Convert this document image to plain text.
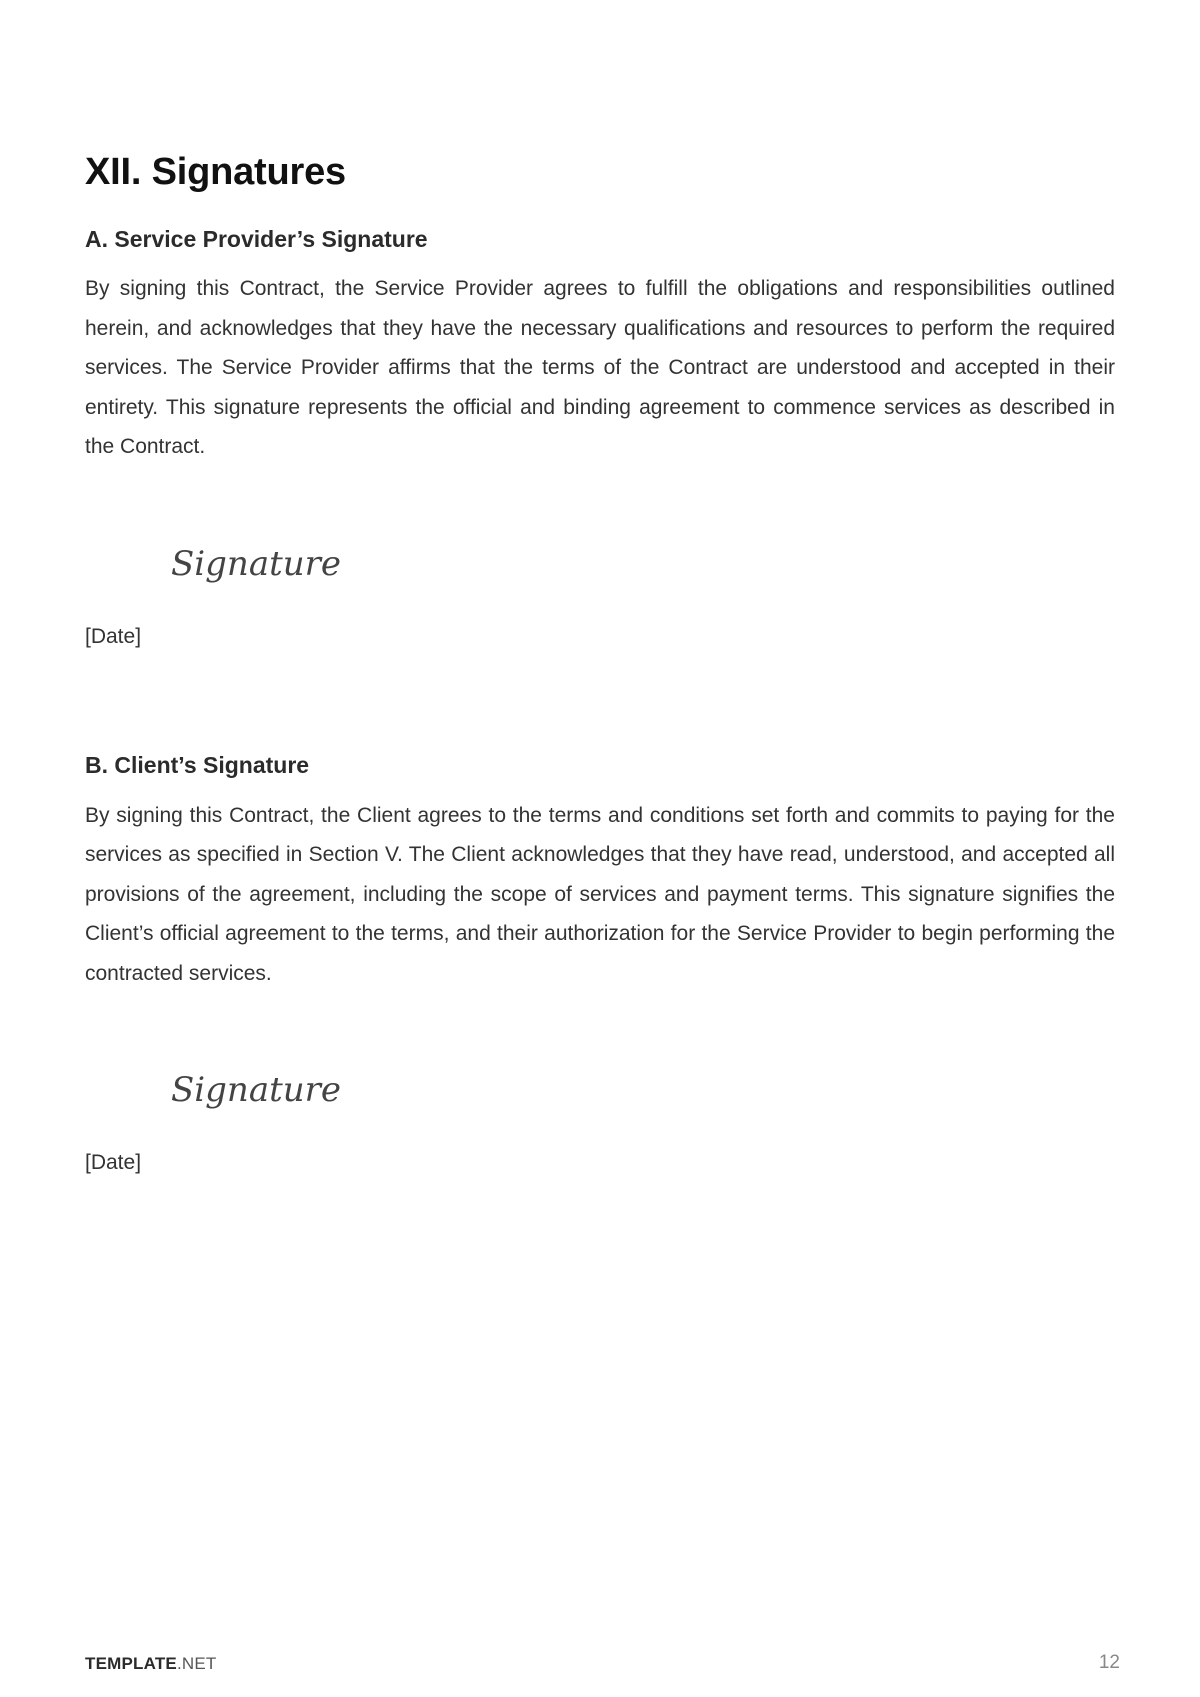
XII. Signatures
A. Service Provider’s Signature

By signing this Contract, the Service Provider agrees to fulfill the obligations and responsibilities outlined herein, and acknowledges that they have the necessary qualifications and resources to perform the required services. The Service Provider affirms that the terms of the Contract are understood and accepted in their entirety. This signature represents the official and binding agreement to commence services as described in the Contract.

Signature
[Date]
B. Client’s Signature

By signing this Contract, the Client agrees to the terms and conditions set forth and commits to paying for the services as specified in Section V. The Client acknowledges that they have read, understood, and accepted all provisions of the agreement, including the scope of services and payment terms. This signature signifies the Client’s official agreement to the terms, and their authorization for the Service Provider to begin performing the contracted services.

Signature
[Date]
TEMPLATE.NET	12
